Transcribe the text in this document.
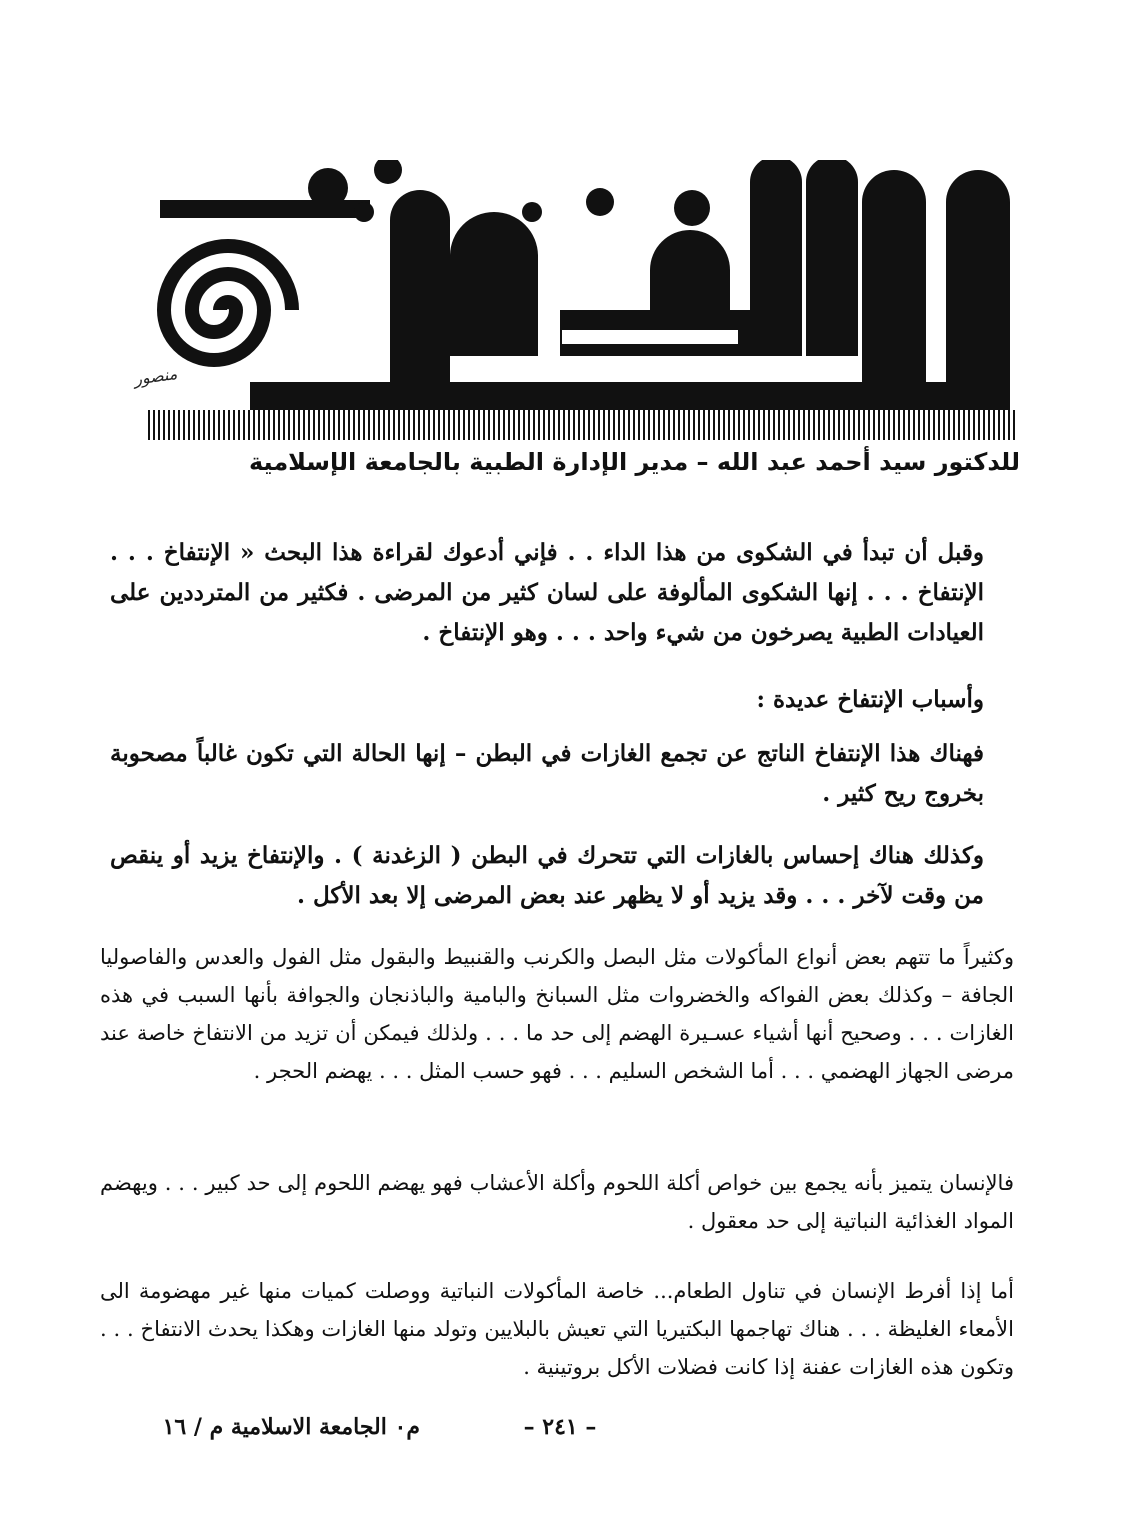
منصور
للدكتور سيد أحمد عبد الله – مدير الإدارة الطبية بالجامعة الإسلامية

وقبل أن تبدأ في الشكوى من هذا الداء . . فإني أدعوك لقراءة هذا البحث « الإنتفاخ . . . الإنتفاخ . . . إنها الشكوى المألوفة على لسان كثير من المرضى . فكثير من المترددين على العيادات الطبية يصرخون من شيء واحد . . . وهو الإنتفاخ .

وأسباب الإنتفاخ عديدة :

فهناك هذا الإنتفاخ الناتج عن تجمع الغازات في البطن – إنها الحالة التي تكون غالباً مصحوبة بخروج ريح كثير .

وكذلك هناك إحساس بالغازات التي تتحرك في البطن ( الزغدنة ) . والإنتفاخ يزيد أو ينقص من وقت لآخر . . . وقد يزيد أو لا يظهر عند بعض المرضى إلا بعد الأكل .

وكثيراً ما تتهم بعض أنواع المأكولات مثل البصل والكرنب والقنبيط والبقول مثل الفول والعدس والفاصوليا الجافة – وكذلك بعض الفواكه والخضروات مثل السبانخ والبامية والباذنجان والجوافة بأنها السبب في هذه الغازات . . . وصحيح أنها أشياء عسـيرة الهضم إلى حد ما . . . ولذلك فيمكن أن تزيد من الانتفاخ خاصة عند مرضى الجهاز الهضمي . . . أما الشخص السليم . . . فهو حسب المثل . . . يهضم الحجر .

فالإنسان يتميز بأنه يجمع بين خواص أكلة اللحوم وأكلة الأعشاب فهو يهضم اللحوم إلى حد كبير . . . ويهضم المواد الغذائية النباتية إلى حد معقول .

أما إذا أفرط الإنسان في تناول الطعام... خاصة المأكولات النباتية ووصلت كميات منها غير مهضومة الى الأمعاء الغليظة . . . هناك تهاجمها البكتيريا التي تعيش بالبلايين وتولد منها الغازات وهكذا يحدث الانتفاخ . . . وتكون هذه الغازات عفنة إذا كانت فضلات الأكل بروتينية .

– ٢٤١ –
م٠ الجامعة الاسلامية م / ١٦
